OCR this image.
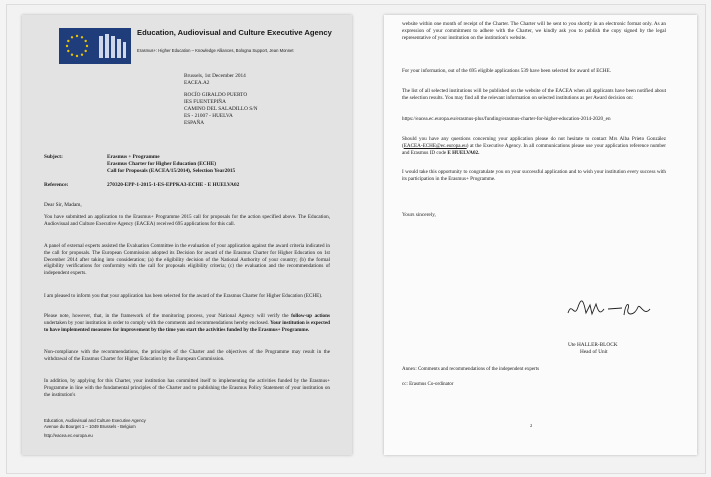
Education, Audiovisual and Culture Executive Agency
Erasmus+: Higher Education – Knowledge Alliances, Bologna Support, Jean Monnet
Brussels, 1st December 2014
EACEA.A2
ROCÍO GIRALDO PUERTO
IES FUENTEPIÑA
CAMINO DEL SALADILLO S/N
ES - 21007 - HUELVA
ESPAÑA
Subject:	Erasmus + Programme
Erasmus Charter for Higher Education (ECHE)
Call for Proposals (EACEA/15/2014), Selection Year2015
Reference:	270320-EPP-1-2015-1-ES-EPPKA3-ECHE - E HUELVA02
Dear Sir, Madam,
You have submitted an application to the Erasmus+ Programme 2015 call for proposals for the action specified above. The Education, Audiovisual and Culture Executive Agency (EACEA) received 695 applications for this call.
A panel of external experts assisted the Evaluation Committee in the evaluation of your application against the award criteria indicated in the call for proposals. The European Commission adopted its Decision for award of the Erasmus Charter for Higher Education on 1st December 2014 after taking into consideration; (a) the eligibility decision of the National Authority of your country; (b) the formal eligibility verifications for conformity with the call for proposals eligibility criteria; (c) the evaluation and the recommendations of independent experts.
I am pleased to inform you that your application has been selected for the award of the Erasmus Charter for Higher Education (ECHE).
Please note, however, that, in the framework of the monitoring process, your National Agency will verify the follow-up actions undertaken by your institution in order to comply with the comments and recommendations hereby enclosed. Your institution is expected to have implemented measures for improvement by the time you start the activities funded by the Erasmus+ Programme.
Non-compliance with the recommendations, the principles of the Charter and the objectives of the Programme may result in the withdrawal of the Erasmus Charter for Higher Education by the European Commission.
In addition, by applying for this Charter, your institution has committed itself to implementing the activities funded by the Erasmus+ Programme in line with the fundamental principles of the Charter and to publishing the Erasmus Policy Statement of your institution on the institution's
Education, Audiovisual and Culture Executive Agency
Avenue du Bourget 1 – 1049 Brussels - Belgium
http://eacea.ec.europa.eu
website within one month of receipt of the Charter. The Charter will be sent to you shortly in an electronic format only. As an expression of your commitment to adhere with the Charter, we kindly ask you to publish the copy signed by the legal representative of your institution on the institution's website.
For your information, out of the 695 eligible applications 539 have been selected for award of ECHE.
The list of all selected institutions will be published on the website of the EACEA when all applicants have been notified about the selection results. You may find all the relevant information on selected institutions as per Award decision on:
https://eacea.ec.europa.eu/erasmus-plus/funding/erasmus-charter-for-higher-education-2014-2020_en
Should you have any questions concerning your application please do not hesitate to contact Mrs Alba Prieto González (EACEA-ECHE@ec.europa.eu) at the Executive Agency. In all communications please use your application reference number and Erasmus ID code E HUELVA02.
I would take this opportunity to congratulate you on your successful application and to wish your institution every success with its participation in the Erasmus+ Programme.
Yours sincerely,
Ute HALLER-BLOCK
Head of Unit
Annex: Comments and recommendations of the independent experts
cc: Erasmus Co-ordinator
2
